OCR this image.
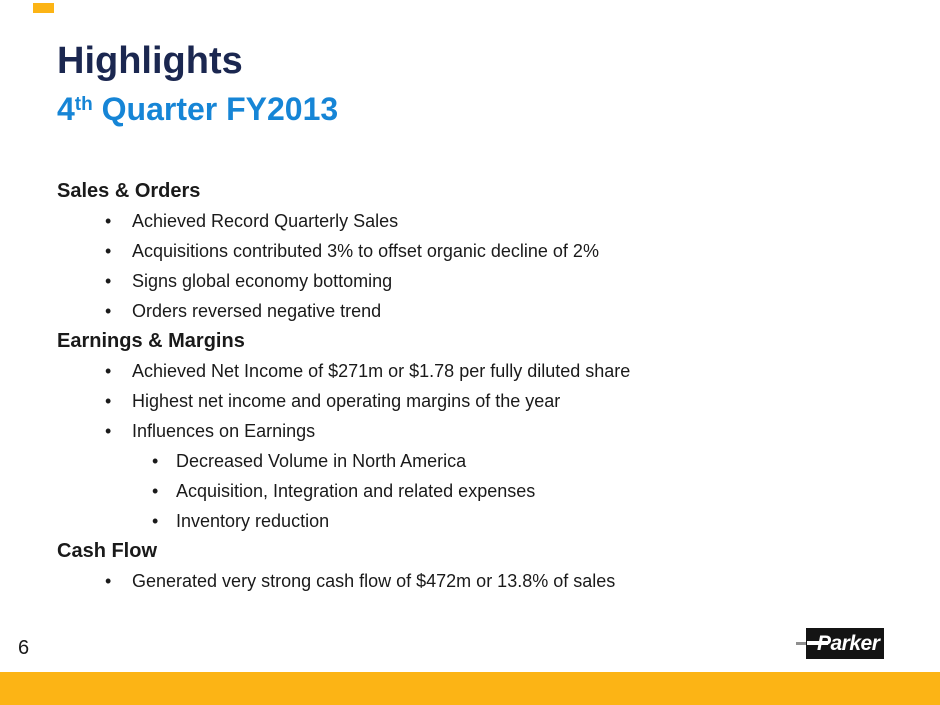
Highlights
4th Quarter FY2013
Sales & Orders
• Achieved Record Quarterly Sales
• Acquisitions contributed 3% to offset organic decline of 2%
• Signs global economy bottoming
• Orders reversed negative trend
Earnings & Margins
• Achieved Net Income of $271m or $1.78 per fully diluted share
• Highest net income and operating margins of the year
• Influences on Earnings
• Decreased Volume in North America
• Acquisition, Integration and related expenses
• Inventory reduction
Cash Flow
• Generated very strong cash flow of $472m or 13.8% of sales
6	Parker
